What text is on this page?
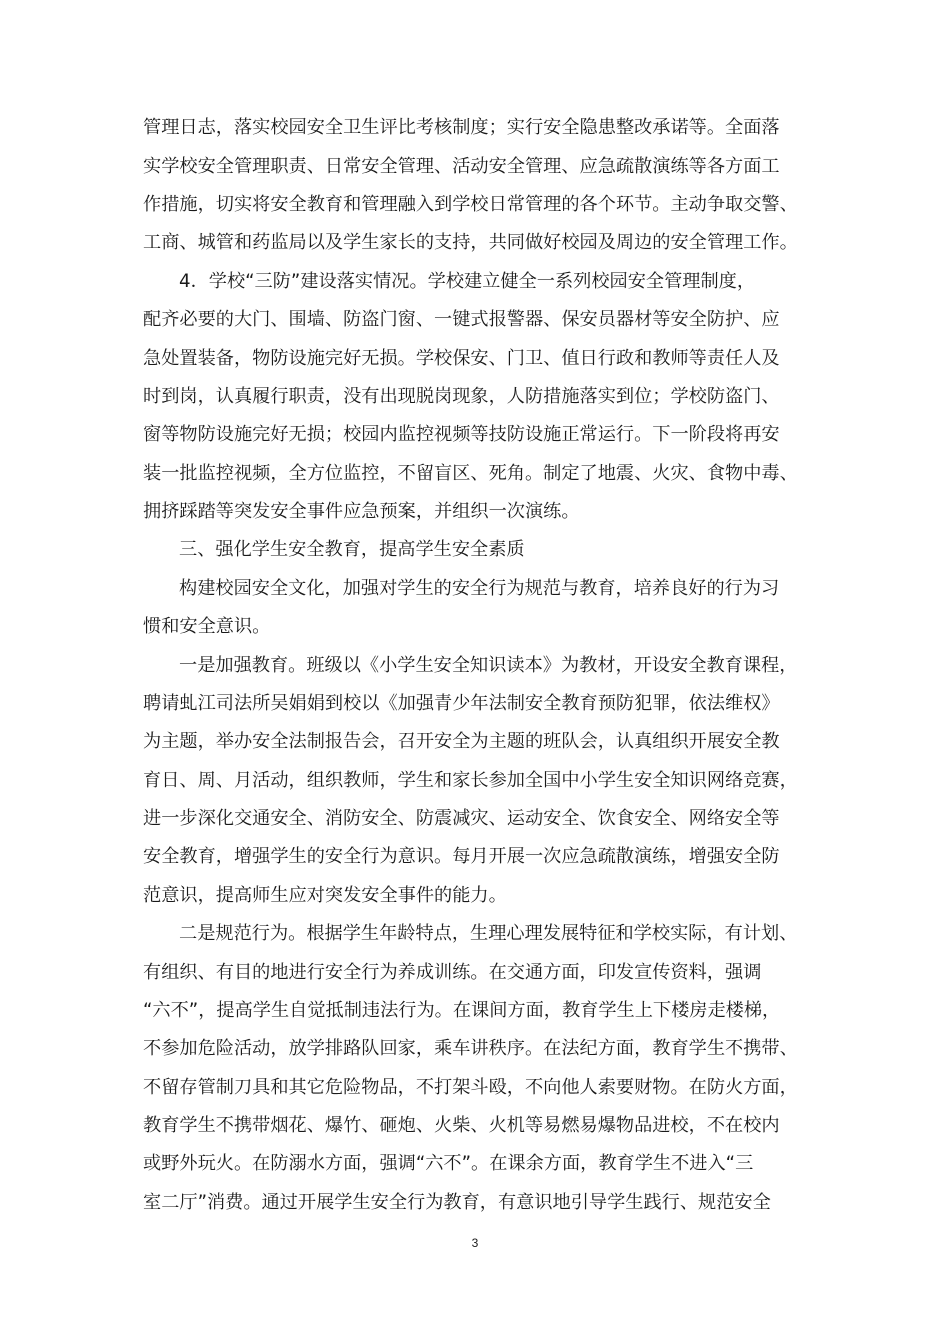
管理日志，落实校园安全卫生评比考核制度；实行安全隐患整改承诺等。全面落
实学校安全管理职责、日常安全管理、活动安全管理、应急疏散演练等各方面工
作措施，切实将安全教育和管理融入到学校日常管理的各个环节。主动争取交警、
工商、城管和药监局以及学生家长的支持，共同做好校园及周边的安全管理工作。
4．学校“三防”建设落实情况。学校建立健全一系列校园安全管理制度，
配齐必要的大门、围墙、防盗门窗、一键式报警器、保安员器材等安全防护、应
急处置装备，物防设施完好无损。学校保安、门卫、值日行政和教师等责任人及
时到岗，认真履行职责，没有出现脱岗现象，人防措施落实到位；学校防盗门、
窗等物防设施完好无损；校园内监控视频等技防设施正常运行。下一阶段将再安
装一批监控视频，全方位监控，不留盲区、死角。制定了地震、火灾、食物中毒、
拥挤踩踏等突发安全事件应急预案，并组织一次演练。
三、强化学生安全教育，提高学生安全素质
构建校园安全文化，加强对学生的安全行为规范与教育，培养良好的行为习
惯和安全意识。
一是加强教育。班级以《小学生安全知识读本》为教材，开设安全教育课程，
聘请虬江司法所吴娟娟到校以《加强青少年法制安全教育预防犯罪，依法维权》
为主题，举办安全法制报告会，召开安全为主题的班队会，认真组织开展安全教
育日、周、月活动，组织教师，学生和家长参加全国中小学生安全知识网络竞赛，
进一步深化交通安全、消防安全、防震减灾、运动安全、饮食安全、网络安全等
安全教育，增强学生的安全行为意识。每月开展一次应急疏散演练，增强安全防
范意识，提高师生应对突发安全事件的能力。
二是规范行为。根据学生年龄特点，生理心理发展特征和学校实际，有计划、
有组织、有目的地进行安全行为养成训练。在交通方面，印发宣传资料，强调
“六不”，提高学生自觉抵制违法行为。在课间方面，教育学生上下楼房走楼梯，
不参加危险活动，放学排路队回家，乘车讲秩序。在法纪方面，教育学生不携带、
不留存管制刀具和其它危险物品，不打架斗殴，不向他人索要财物。在防火方面，
教育学生不携带烟花、爆竹、砸炮、火柴、火机等易燃易爆物品进校，不在校内
或野外玩火。在防溺水方面，强调“六不”。在课余方面，教育学生不进入“三
室二厅”消费。通过开展学生安全行为教育，有意识地引导学生践行、规范安全
3
